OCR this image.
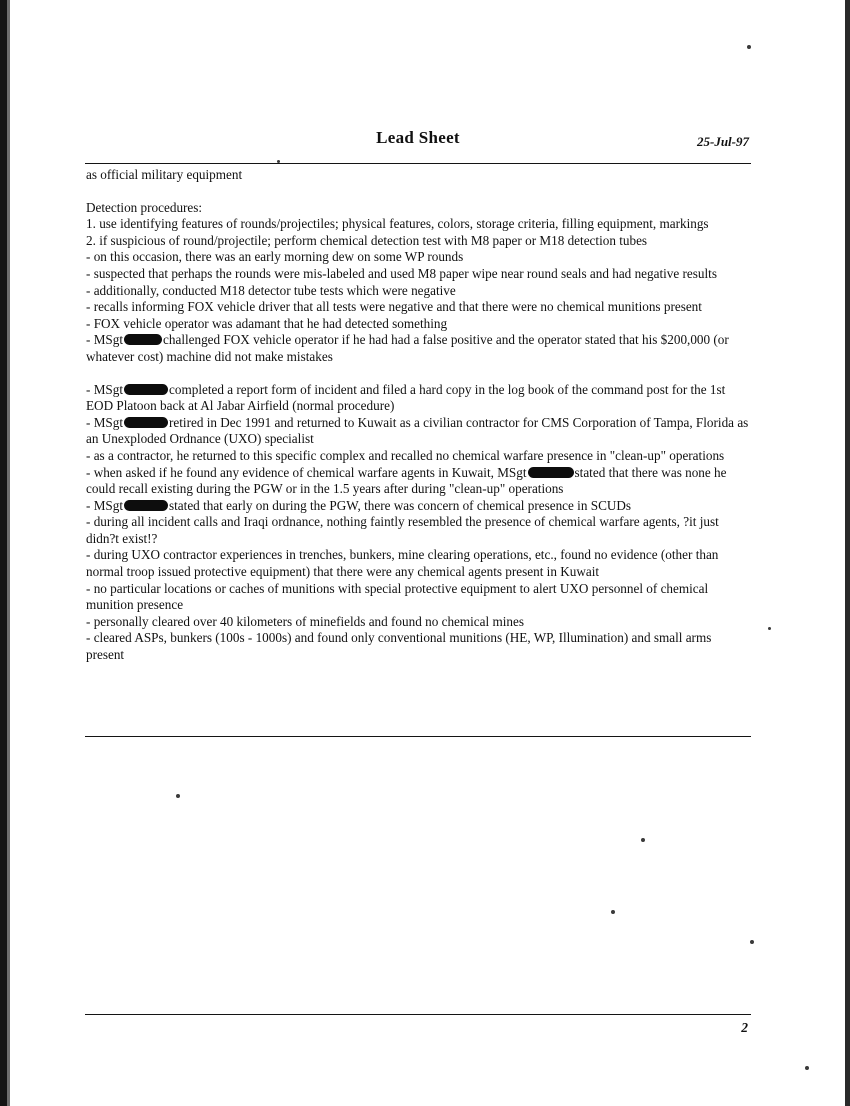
Lead Sheet	25-Jul-97

as official military equipment

Detection procedures:

1. use identifying features of rounds/projectiles; physical features, colors, storage criteria, filling equipment, markings

2. if suspicious of round/projectile; perform chemical detection test with M8 paper or M18 detection tubes

- on this occasion, there was an early morning dew on some WP rounds

- suspected that perhaps the rounds were mis-labeled and used M8 paper wipe near round seals and had negative results

- additionally, conducted M18 detector tube tests which were negative

- recalls informing FOX vehicle driver that all tests were negative and that there were no chemical munitions present

- FOX vehicle operator was adamant that he had detected something

- MSgt	challenged FOX vehicle operator if he had had a false positive and the operator stated that his $200,000 (or whatever cost) machine did not make mistakes

- MSgt	completed a report form of incident and filed a hard copy in the log book of the command post for the 1st EOD Platoon back at Al Jabar Airfield (normal procedure)

- MSgt	retired in Dec 1991 and returned to Kuwait as a civilian contractor for CMS Corporation of Tampa, Florida as an Unexploded Ordnance (UXO) specialist

- as a contractor, he returned to this specific complex and recalled no chemical warfare presence in "clean-up" operations

- when asked if he found any evidence of chemical warfare agents in Kuwait, MSgt	stated that there was none he could recall existing during the PGW or in the 1.5 years after during "clean-up" operations

- MSgt	stated that early on during the PGW, there was concern of chemical presence in SCUDs

- during all incident calls and Iraqi ordnance, nothing faintly resembled the presence of chemical warfare agents, ?it just didn?t exist!?

- during UXO contractor experiences in trenches, bunkers, mine clearing operations, etc., found no evidence (other than normal troop issued protective equipment) that there were any chemical agents present in Kuwait

- no particular locations or caches of munitions with special protective equipment to alert UXO personnel of chemical munition presence

- personally cleared over 40 kilometers of minefields and found no chemical mines

- cleared ASPs, bunkers (100s - 1000s) and found only conventional munitions (HE, WP, Illumination) and small arms present

2
